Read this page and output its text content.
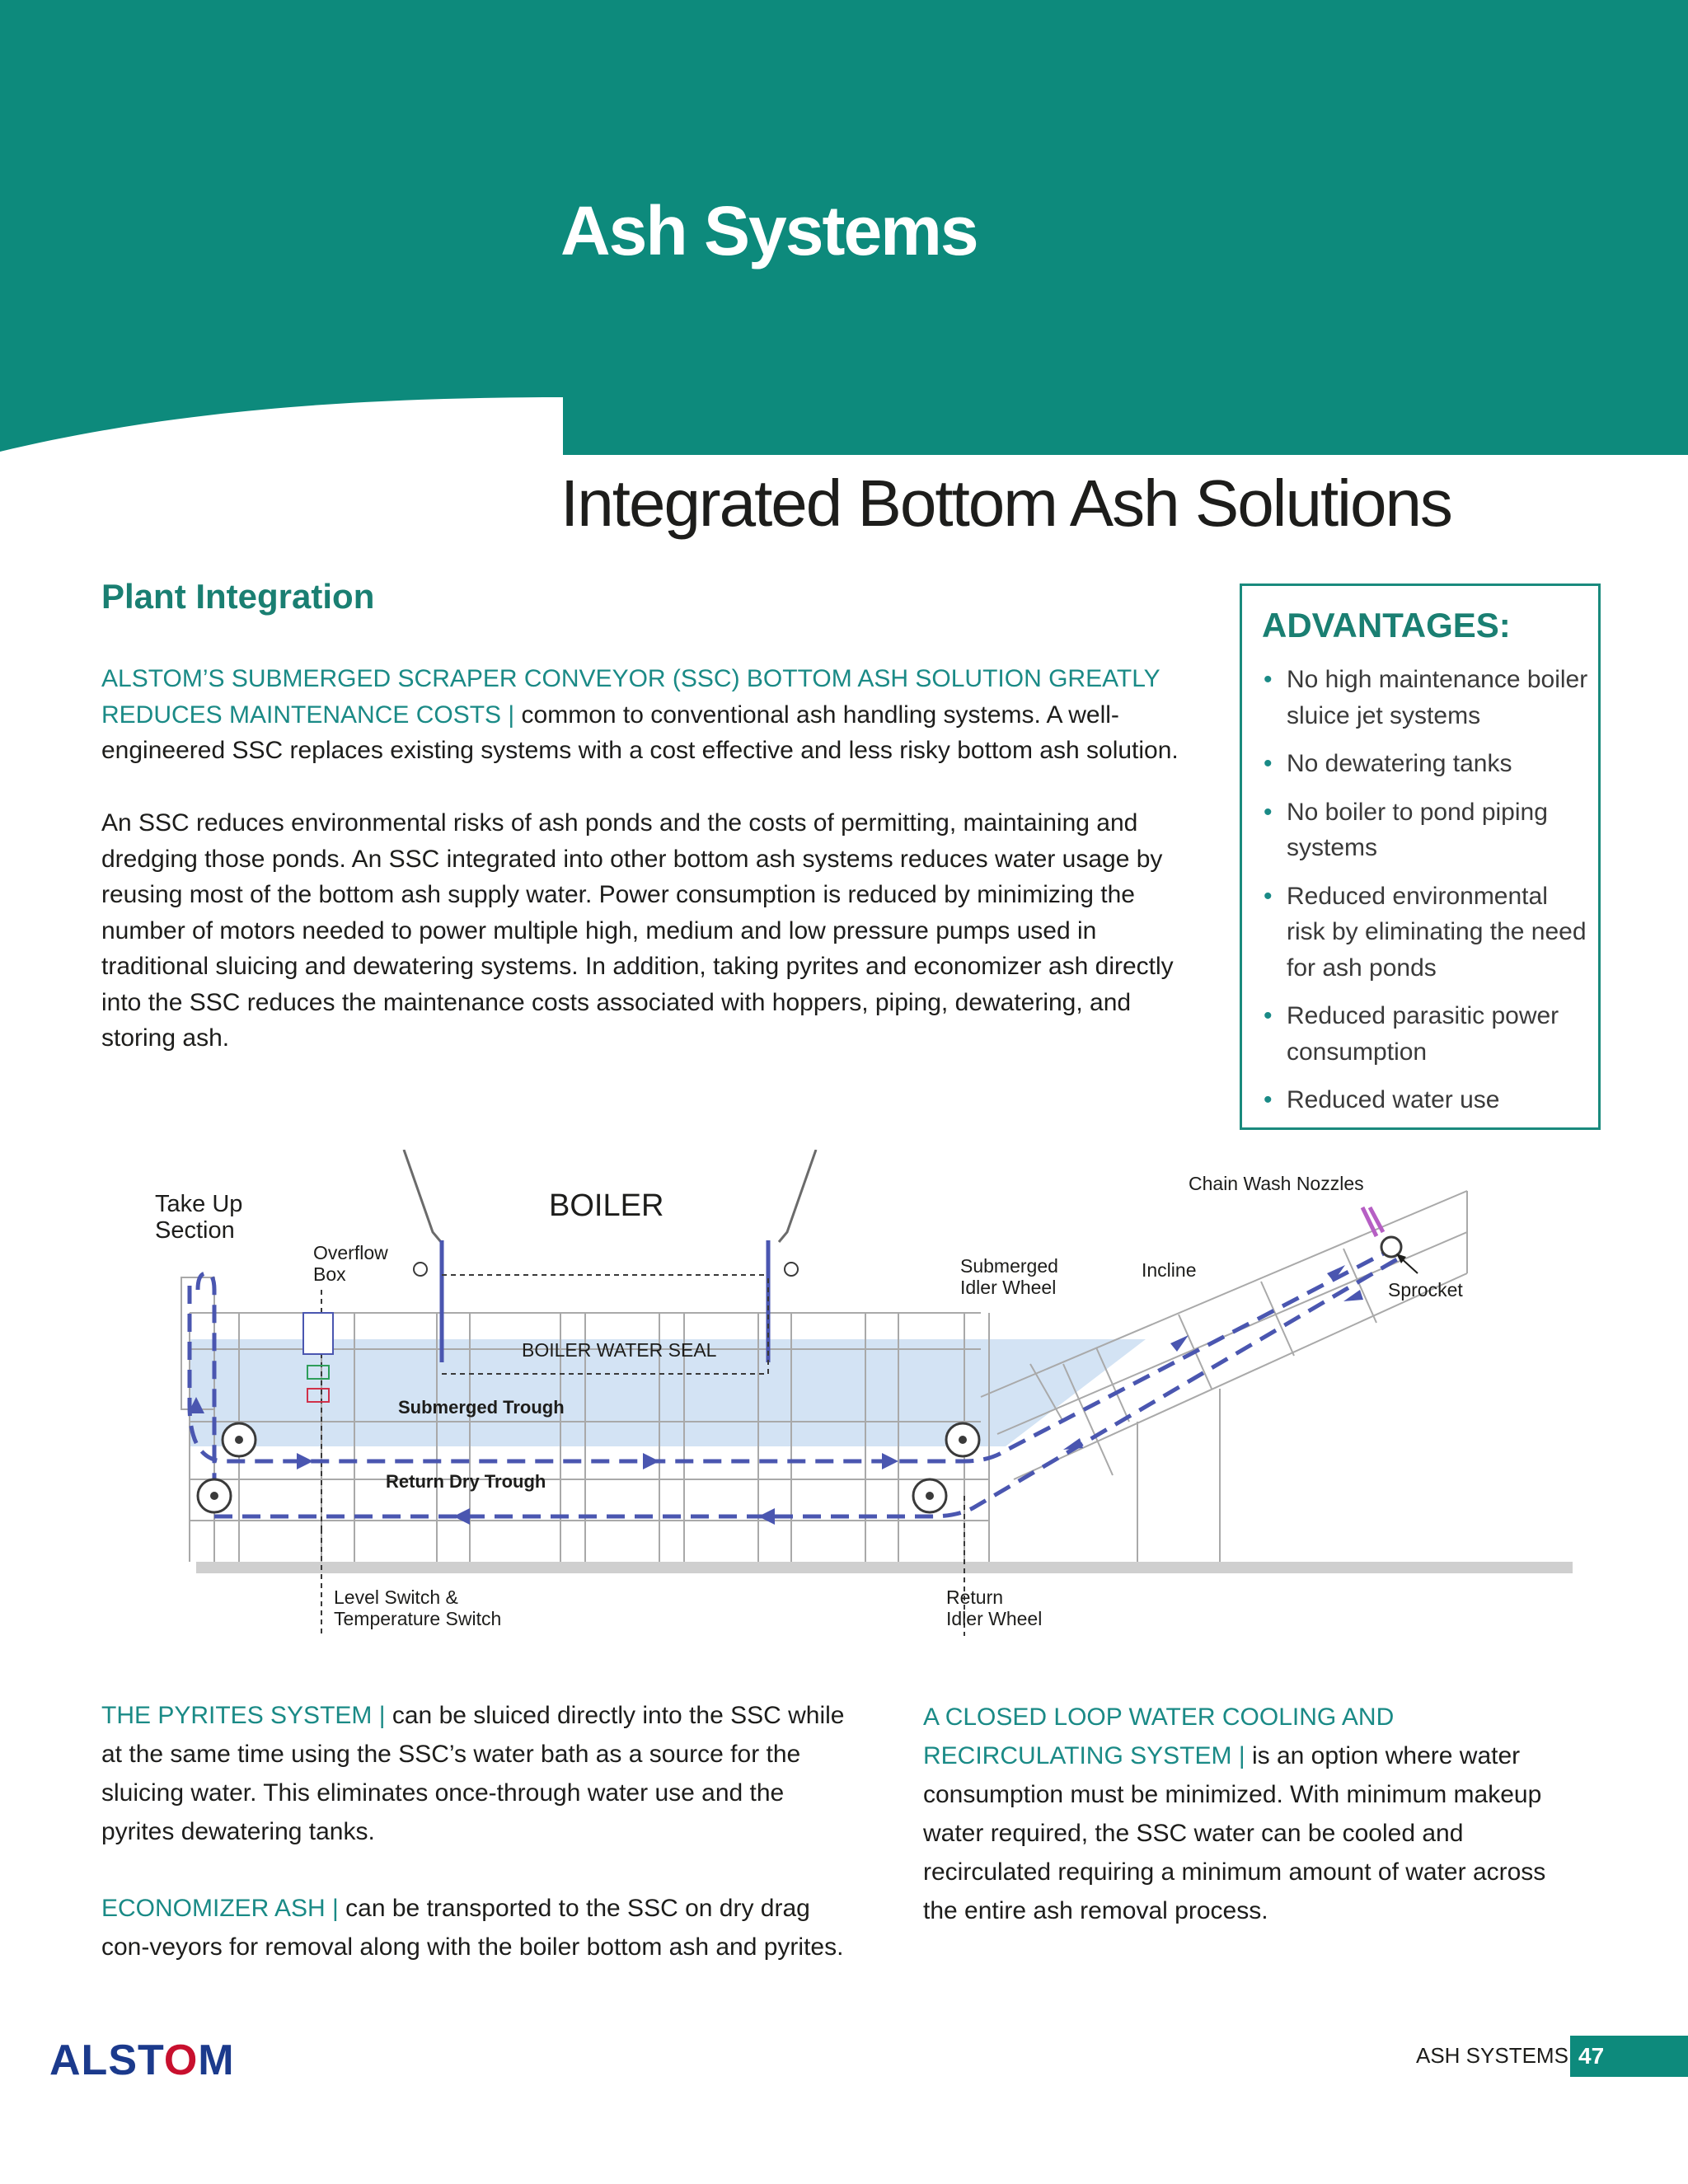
Ash Systems
Integrated Bottom Ash Solutions
Plant Integration
ALSTOM’S SUBMERGED SCRAPER CONVEYOR (SSC) BOTTOM ASH SOLUTION GREATLY REDUCES MAINTENANCE COSTS | common to conventional ash handling systems. A well-engineered SSC replaces existing systems with a cost effective and less risky bottom ash solution.
An SSC reduces environmental risks of ash ponds and the costs of permitting, maintaining and dredging those ponds. An SSC integrated into other bottom ash systems reduces water usage by reusing most of the bottom ash supply water. Power consumption is reduced by minimizing the number of motors needed to power multiple high, medium and low pressure pumps used in traditional sluicing and dewatering systems. In addition, taking pyrites and economizer ash directly into the SSC reduces the maintenance costs associated with hoppers, piping, dewatering, and storing ash.
ADVANTAGES:
• No high maintenance boiler sluice jet systems
• No dewatering tanks
• No boiler to pond piping systems
• Reduced environmental risk by eliminating the need for ash ponds
• Reduced parasitic power consumption
• Reduced water use
Take Up
Section
Overflow
Box
BOILER
BOILER WATER SEAL
Submerged Trough
Return Dry Trough
Submerged
Idler Wheel
Incline
Chain Wash Nozzles
Sprocket
Level Switch &
Temperature Switch
Return
Idler Wheel
THE PYRITES SYSTEM | can be sluiced directly into the SSC while at the same time using the SSC’s water bath as a source for the sluicing water. This eliminates once-through water use and the pyrites dewatering tanks.
ECONOMIZER ASH | can be transported to the SSC on dry drag con-veyors for removal along with the boiler bottom ash and pyrites.
A CLOSED LOOP WATER COOLING AND RECIRCULATING SYSTEM | is an option where water consumption must be minimized. With minimum makeup water required, the SSC water can be cooled and recirculated requiring a minimum amount of water across the entire ash removal process.
ALSTOM	ASH SYSTEMS 47
